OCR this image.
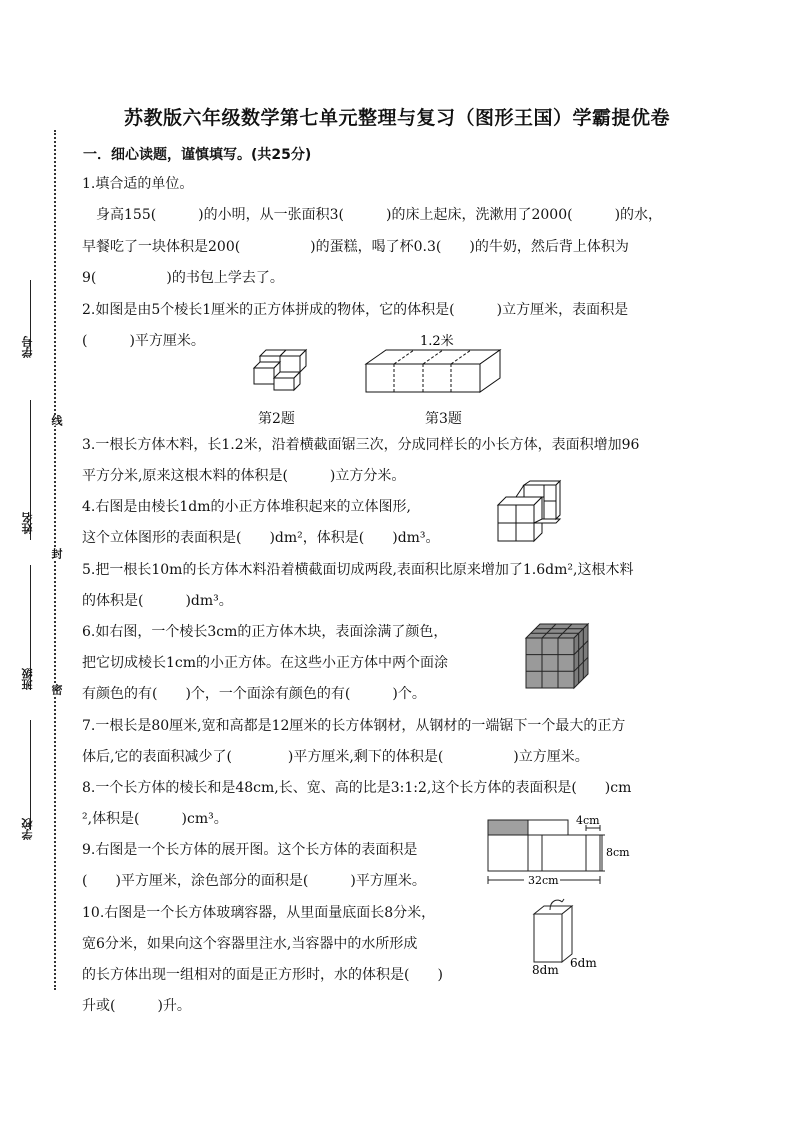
学号
姓名
班级
学校
线
封
密
苏教版六年级数学第七单元整理与复习（图形王国）学霸提优卷
一．细心读题，谨慎填写。(共25分)
1.填合适的单位。
　身高155(　　　)的小明，从一张面积3(　　　)的床上起床，洗漱用了2000(　　　)的水，
早餐吃了一块体积是200(　　　　　)的蛋糕，喝了杯0.3(　　)的牛奶，然后背上体积为
9(　　　　　)的书包上学去了。
2.如图是由5个棱长1厘米的正方体拼成的物体，它的体积是(　　　)立方厘米，表面积是
(　　　)平方厘米。
3.一根长方体木料，长1.2米，沿着横截面锯三次，分成同样长的小长方体，表面积增加96
平方分米,原来这根木料的体积是(　　　)立方分米。
4.右图是由棱长1dm的小正方体堆积起来的立体图形,
这个立体图形的表面积是(　　)dm²，体积是(　　)dm³。
5.把一根长10m的长方体木料沿着横截面切成两段,表面积比原来增加了1.6dm²,这根木料
的体积是(　　　)dm³。
6.如右图，一个棱长3cm的正方体木块，表面涂满了颜色，
把它切成棱长1cm的小正方体。在这些小正方体中两个面涂
有颜色的有(　　)个，一个面涂有颜色的有(　　　)个。
7.一根长是80厘米,宽和高都是12厘米的长方体钢材，从钢材的一端锯下一个最大的正方
体后,它的表面积减少了(　　　　)平方厘米,剩下的体积是(　　　　　)立方厘米。
8.一个长方体的棱长和是48cm,长、宽、高的比是3:1:2,这个长方体的表面积是(　　)cm
²,体积是(　　　)cm³。
9.右图是一个长方体的展开图。这个长方体的表面积是
(　　)平方厘米，涂色部分的面积是(　　　)平方厘米。
10.右图是一个长方体玻璃容器，从里面量底面长8分米，
宽6分米，如果向这个容器里注水,当容器中的水所形成
的长方体出现一组相对的面是正方形时，水的体积是(　　)
升或(　　　)升。
第2题
1.2米
第3题
4cm
8cm
32cm
8dm 6dm
